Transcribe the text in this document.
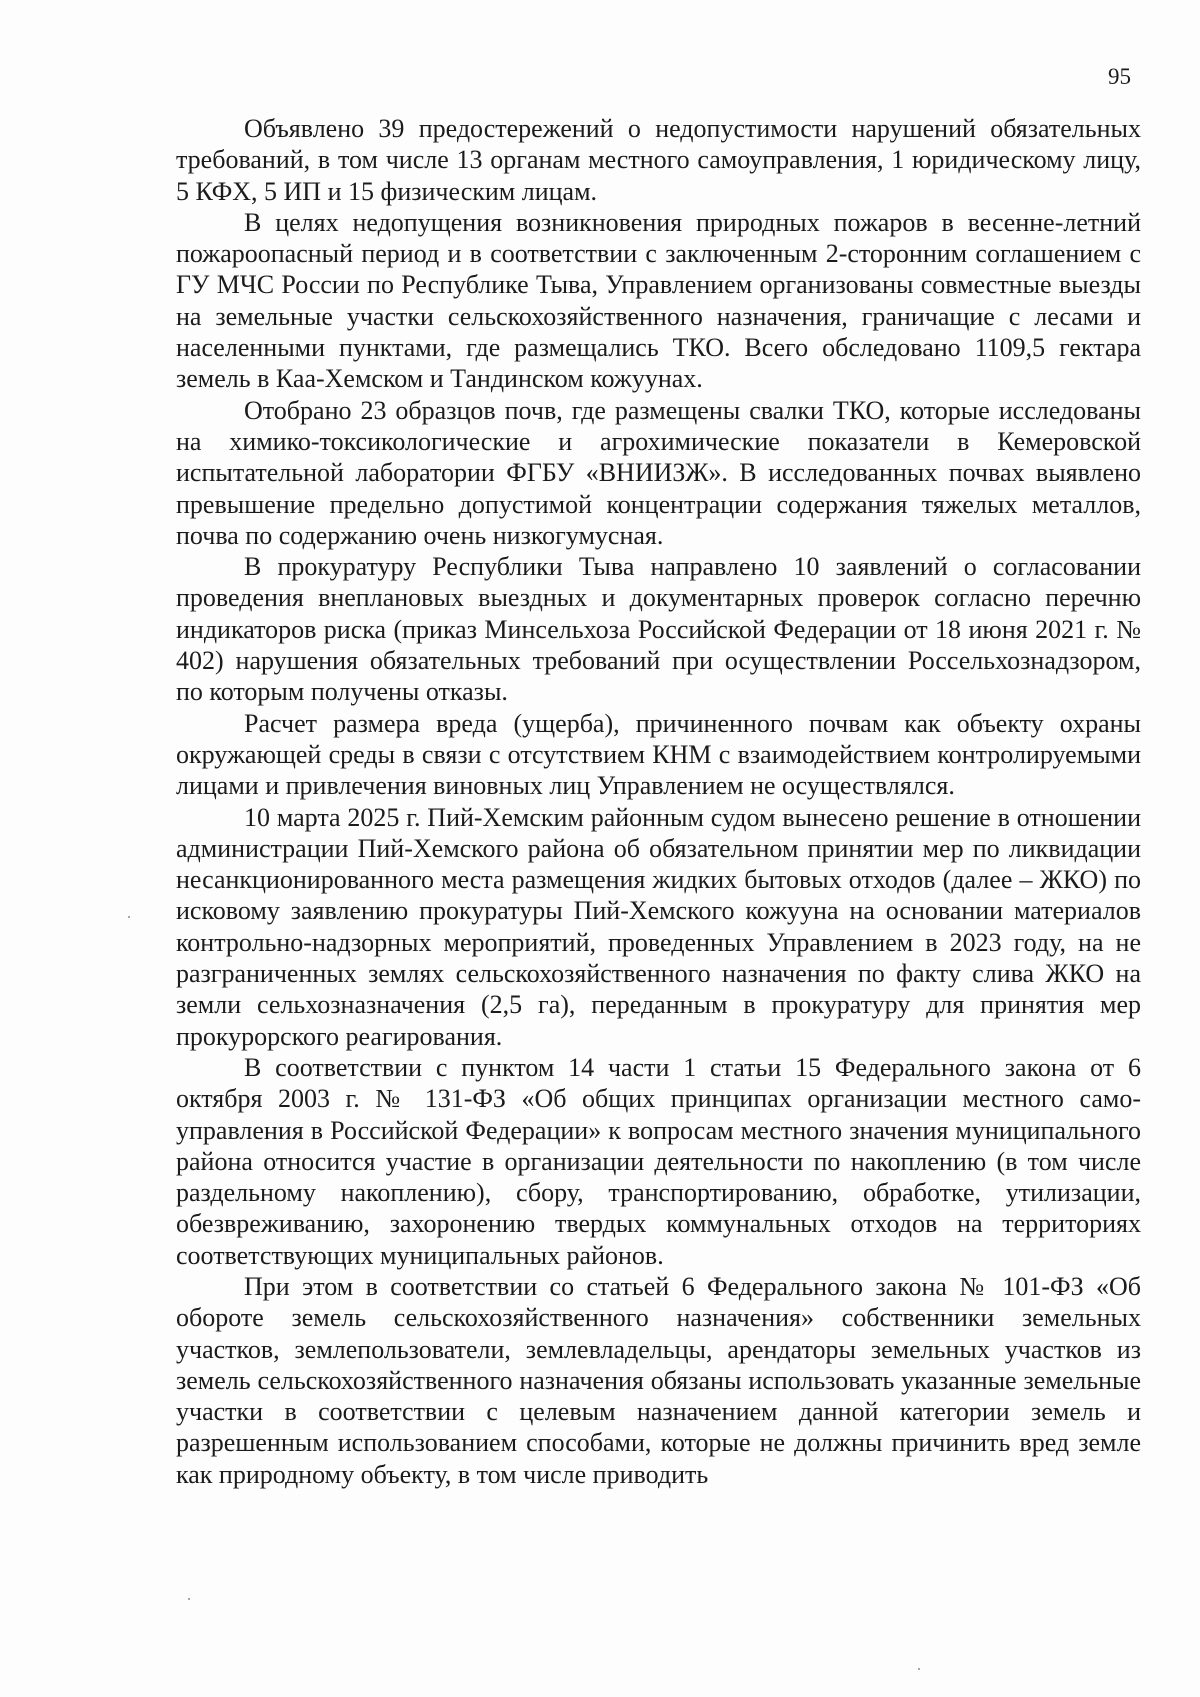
95

Объявлено 39 предостережений о недопустимости нарушений обязательных требований, в том числе 13 органам местного самоуправления, 1 юридическому лицу, 5 КФХ, 5 ИП и 15 физическим лицам.

В целях недопущения возникновения природных пожаров в весенне-летний пожароопасный период и в соответствии с заключенным 2-сторонним соглашением с ГУ МЧС России по Республике Тыва, Управлением организованы совместные выезды на земельные участки сельскохозяйственного назначения, граничащие с лесами и населенными пунктами, где размещались ТКО. Всего обследовано 1109,5 гектара земель в Каа-Хемском и Тандинском кожуунах.

Отобрано 23 образцов почв, где размещены свалки ТКО, которые исследованы на химико-токсикологические и агрохимические показатели в Кемеровской испытательной лаборатории ФГБУ «ВНИИЗЖ». В исследованных почвах выявлено превышение предельно допустимой концентрации содержания тяжелых металлов, почва по содержанию очень низкогумусная.

В прокуратуру Республики Тыва направлено 10 заявлений о согласовании проведения внеплановых выездных и документарных проверок согласно перечню индикаторов риска (приказ Минсельхоза Российской Федерации от 18 июня 2021 г. № 402) нарушения обязательных требований при осуществлении Россельхознадзором, по которым получены отказы.

Расчет размера вреда (ущерба), причиненного почвам как объекту охраны окружающей среды в связи с отсутствием КНМ с взаимодействием контролируемыми лицами и привлечения виновных лиц Управлением не осуществлялся.

10 марта 2025 г. Пий-Хемским районным судом вынесено решение в отношении администрации Пий-Хемского района об обязательном принятии мер по ликвидации несанкционированного места размещения жидких бытовых отходов (далее – ЖКО) по исковому заявлению прокуратуры Пий-Хемского кожууна на основании материалов контрольно-надзорных мероприятий, проведенных Управлением в 2023 году, на не разграниченных землях сельскохозяйственного назначения по факту слива ЖКО на земли сельхозназначения (2,5 га), переданным в прокуратуру для принятия мер прокурорского реагирования.

В соответствии с пунктом 14 части 1 статьи 15 Федерального закона от 6 октября 2003 г. № 131-ФЗ «Об общих принципах организации местного самоуправления в Российской Федерации» к вопросам местного значения муниципального района относится участие в организации деятельности по накоплению (в том числе раздельному накоплению), сбору, транспортированию, обработке, утилизации, обезвреживанию, захоронению твердых коммунальных отходов на территориях соответствующих муниципальных районов.

При этом в соответствии со статьей 6 Федерального закона № 101-ФЗ «Об обороте земель сельскохозяйственного назначения» собственники земельных участков, землепользователи, землевладельцы, арендаторы земельных участков из земель сельскохозяйственного назначения обязаны использовать указанные земельные участки в соответствии с целевым назначением данной категории земель и разрешенным использованием способами, которые не должны причинить вред земле как природному объекту, в том числе приводить
